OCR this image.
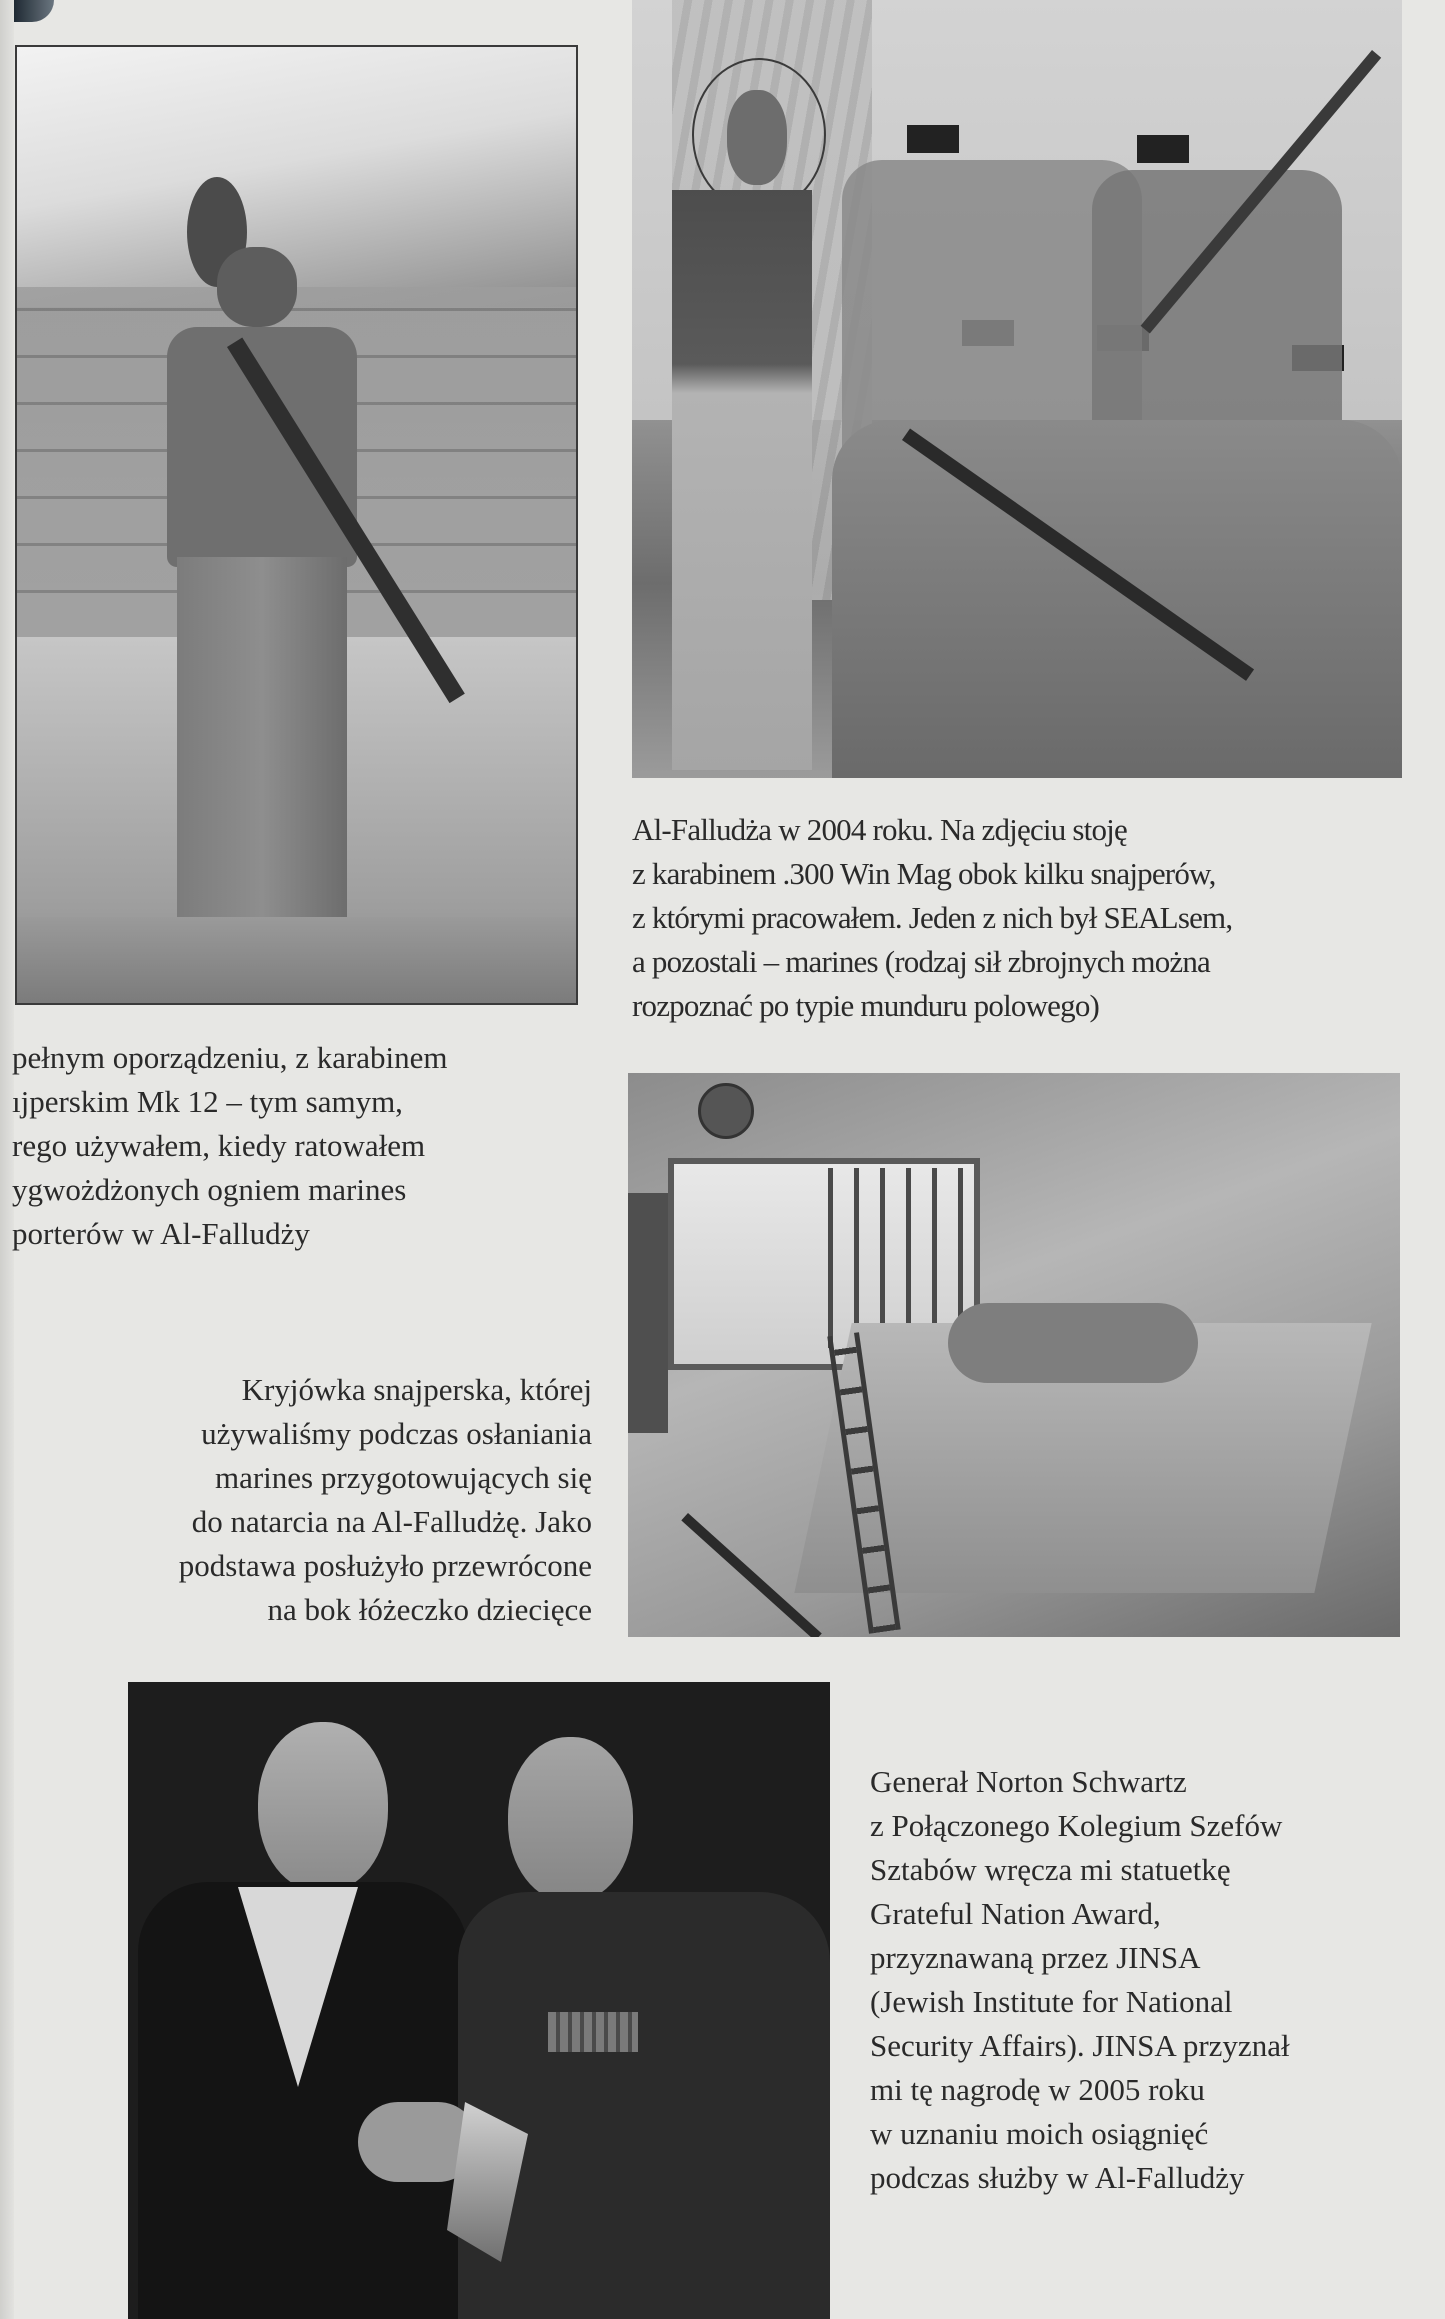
Al-Falludża w 2004 roku. Na zdjęciu stoję
z karabinem .300 Win Mag obok kilku snajperów,
z którymi pracowałem. Jeden z nich był SEALsem,
a pozostali – marines (rodzaj sił zbrojnych można
rozpoznać po typie munduru polowego)
pełnym oporządzeniu, z karabinem
ıjperskim Mk 12 – tym samym,
rego używałem, kiedy ratowałem
ygwożdżonych ogniem marines
porterów w Al-Falludży
Kryjówka snajperska, której
używaliśmy podczas osłaniania
marines przygotowujących się
do natarcia na Al-Falludżę. Jako
podstawa posłużyło przewrócone
na bok łóżeczko dziecięce
Generał Norton Schwartz
z Połączonego Kolegium Szefów
Sztabów wręcza mi statuetkę
Grateful Nation Award,
przyznawaną przez JINSA
(Jewish Institute for National
Security Affairs). JINSA przyznał
mi tę nagrodę w 2005 roku
w uznaniu moich osiągnięć
podczas służby w Al-Falludży
